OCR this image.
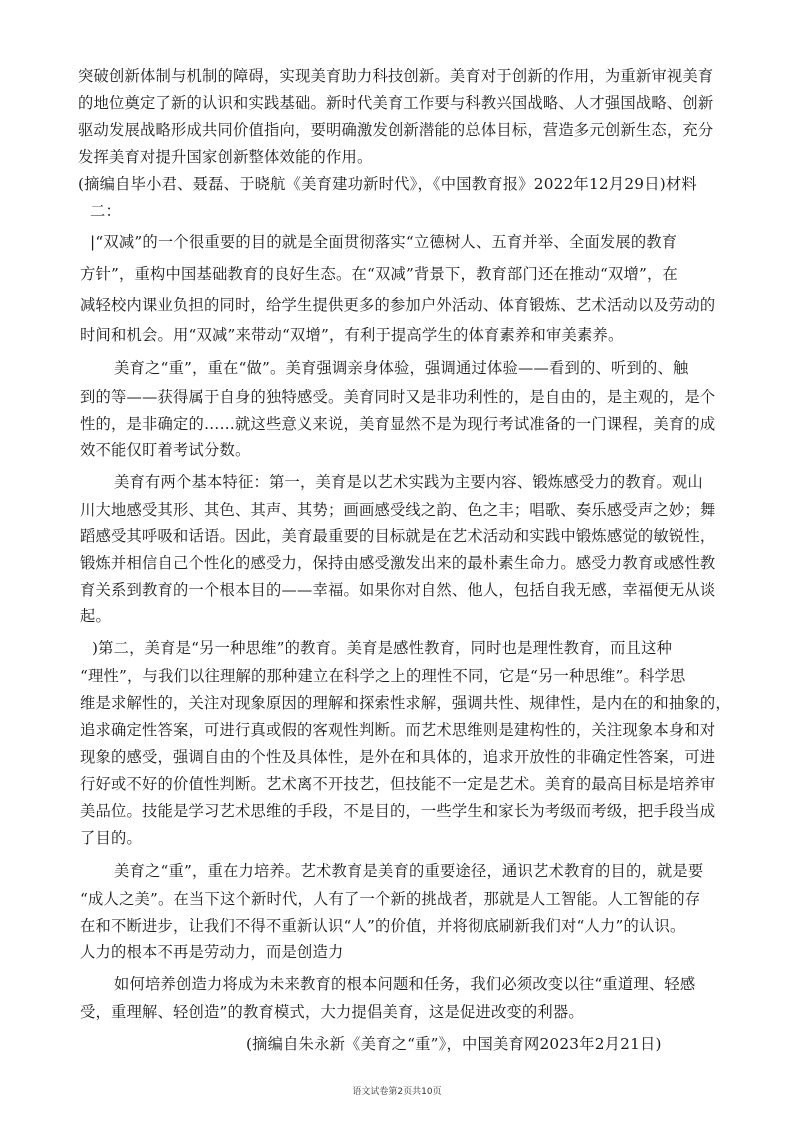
突破创新体制与机制的障碍，实现美育助力科技创新。美育对于创新的作用，为重新审视美育
的地位奠定了新的认识和实践基础。新时代美育工作要与科教兴国战略、人才强国战略、创新
驱动发展战略形成共同价值指向，要明确激发创新潜能的总体目标，营造多元创新生态，充分
发挥美育对提升国家创新整体效能的作用。
(摘编自毕小君、聂磊、于晓航《美育建功新时代》，《中国教育报》2022年12月29日)材料
二：
|“双减”的一个很重要的目的就是全面贯彻落实“立德树人、五育并举、全面发展的教育
方针”，重构中国基础教育的良好生态。在“双减”背景下，教育部门还在推动“双增”，在
减轻校内课业负担的同时，给学生提供更多的参加户外活动、体育锻炼、艺术活动以及劳动的
时间和机会。用“双减”来带动“双增”，有利于提高学生的体育素养和审美素养。
美育之“重”，重在“做”。美育强调亲身体验，强调通过体验——看到的、听到的、触
到的等——获得属于自身的独特感受。美育同时又是非功利性的，是自由的，是主观的，是个
性的，是非确定的……就这些意义来说，美育显然不是为现行考试准备的一门课程，美育的成
效不能仅盯着考试分数。
美育有两个基本特征：第一，美育是以艺术实践为主要内容、锻炼感受力的教育。观山
川大地感受其形、其色、其声、其势；画画感受线之韵、色之丰；唱歌、奏乐感受声之妙；舞
蹈感受其呼吸和话语。因此，美育最重要的目标就是在艺术活动和实践中锻炼感觉的敏锐性，
锻炼并相信自己个性化的感受力，保持由感受激发出来的最朴素生命力。感受力教育或感性教
育关系到教育的一个根本目的——幸福。如果你对自然、他人，包括自我无感，幸福便无从谈
起。
)第二，美育是“另一种思维”的教育。美育是感性教育，同时也是理性教育，而且这种
“理性”，与我们以往理解的那种建立在科学之上的理性不同，它是“另一种思维”。科学思
维是求解性的，关注对现象原因的理解和探索性求解，强调共性、规律性，是内在的和抽象的，
追求确定性答案，可进行真或假的客观性判断。而艺术思维则是建构性的，关注现象本身和对
现象的感受，强调自由的个性及具体性，是外在和具体的，追求开放性的非确定性答案，可进
行好或不好的价值性判断。艺术离不开技艺，但技能不一定是艺术。美育的最高目标是培养审
美品位。技能是学习艺术思维的手段，不是目的，一些学生和家长为考级而考级，把手段当成
了目的。
美育之“重”，重在力培养。艺术教育是美育的重要途径，通识艺术教育的目的，就是要
“成人之美”。在当下这个新时代，人有了一个新的挑战者，那就是人工智能。人工智能的存
在和不断进步，让我们不得不重新认识“人”的价值，并将彻底刷新我们对“人力”的认识。
人力的根本不再是劳动力，而是创造力
如何培养创造力将成为未来教育的根本问题和任务，我们必须改变以往“重道理、轻感
受，重理解、轻创造”的教育模式，大力提倡美育，这是促进改变的利器。
(摘编自朱永新《美育之“重”》，中国美育网2023年2月21日)
语文试卷第2页共10页
